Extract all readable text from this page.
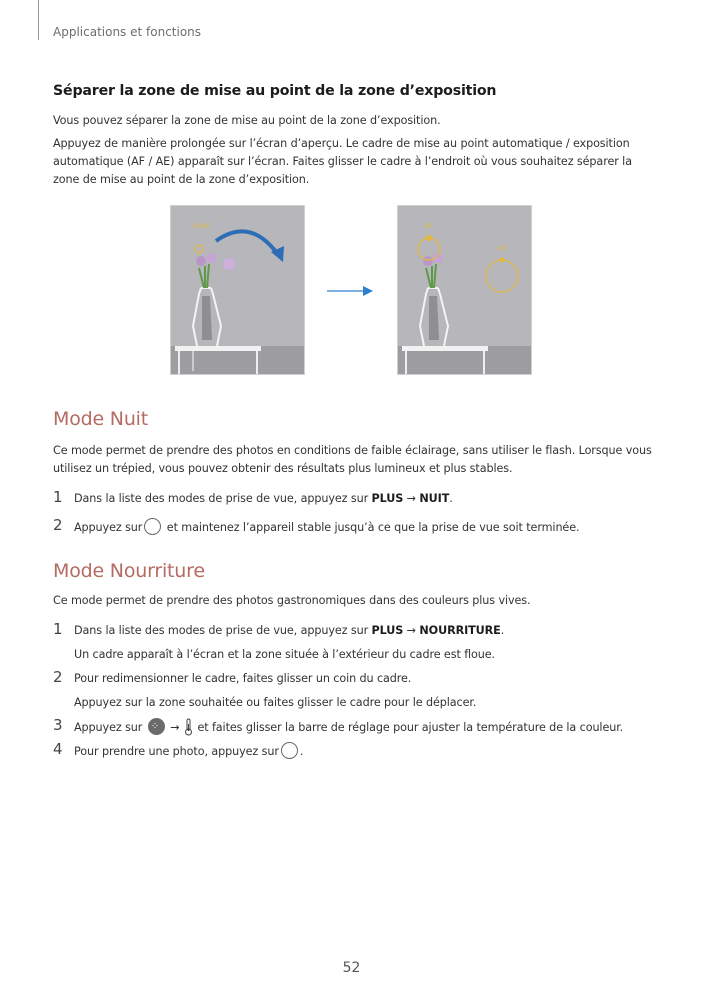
Applications et fonctions
Séparer la zone de mise au point de la zone d’exposition
Vous pouvez séparer la zone de mise au point de la zone d’exposition.
Appuyez de manière prolongée sur l’écran d’aperçu. Le cadre de mise au point automatique / exposition
automatique (AF / AE) apparaît sur l’écran. Faites glisser le cadre à l’endroit où vous souhaitez séparer la
zone de mise au point de la zone d’exposition.
AF/AE	AF
AE
Mode Nuit
Ce mode permet de prendre des photos en conditions de faible éclairage, sans utiliser le flash. Lorsque vous
utilisez un trépied, vous pouvez obtenir des résultats plus lumineux et plus stables.
1 Dans la liste des modes de prise de vue, appuyez sur PLUS → NUIT.
2 Appuyez sur et maintenez l’appareil stable jusqu’à ce que la prise de vue soit terminée.
Mode Nourriture
Ce mode permet de prendre des photos gastronomiques dans des couleurs plus vives.
1 Dans la liste des modes de prise de vue, appuyez sur PLUS → NOURRITURE.
Un cadre apparaît à l’écran et la zone située à l’extérieur du cadre est floue.
2 Pour redimensionner le cadre, faites glisser un coin du cadre.
Appuyez sur la zone souhaitée ou faites glisser le cadre pour le déplacer.
3 Appuyez sur ⁘ →  et faites glisser la barre de réglage pour ajuster la température de la couleur.
4 Pour prendre une photo, appuyez sur .
52
